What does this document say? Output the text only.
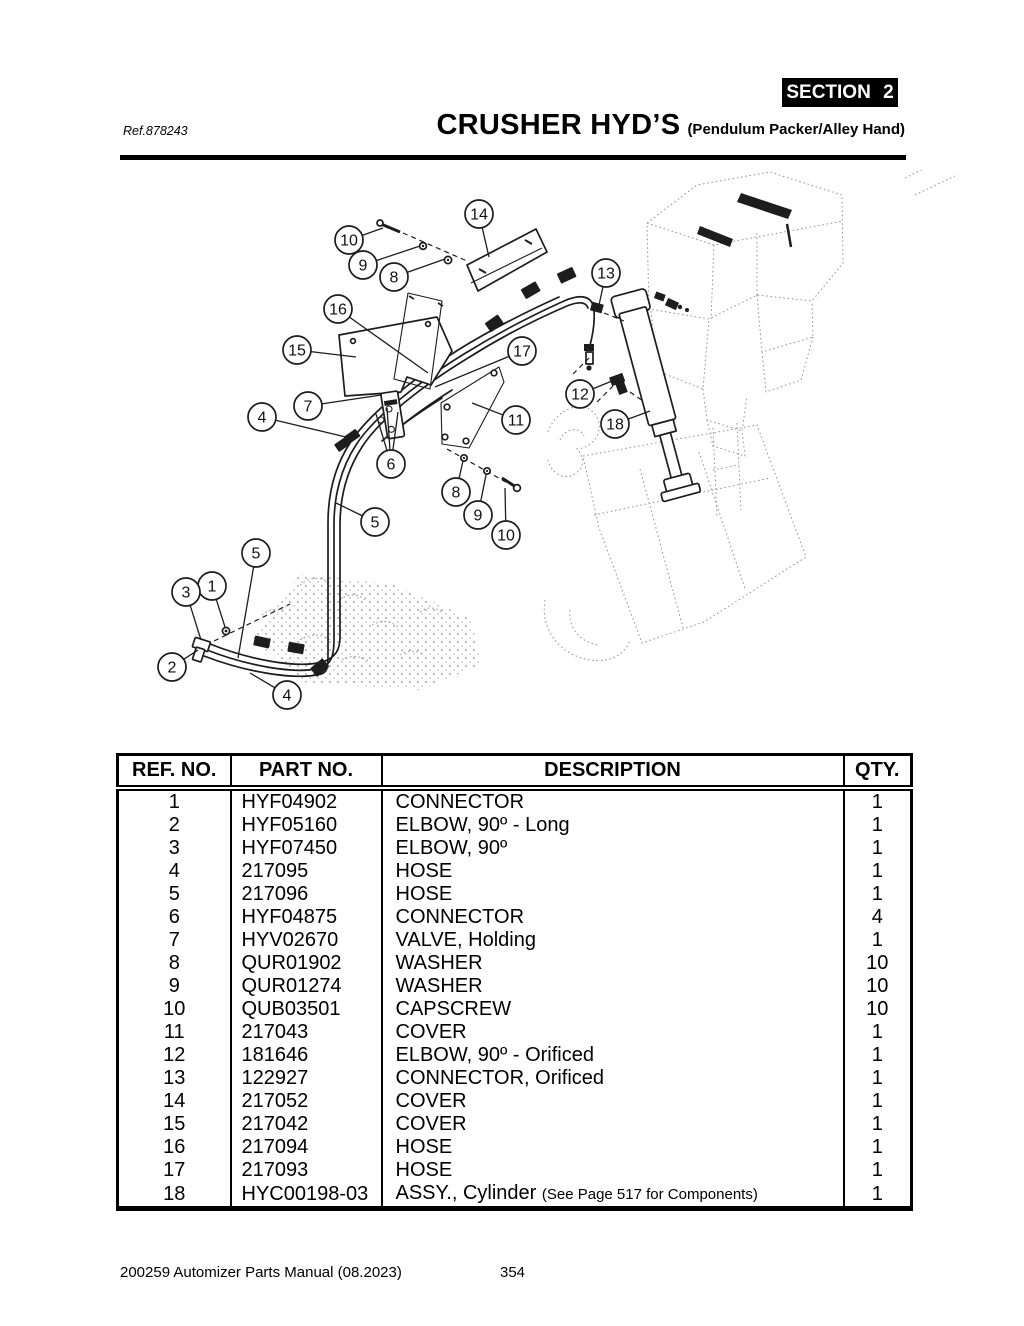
SECTION 2
Ref.878243	CRUSHER HYD’S (Pendulum Packer/Alley Hand)
10
9
8
14
13
16
15	17
7
4	11
12
18
6
8
9
10
5
5
1
3
2
4
REF. NO.	PART NO.	DESCRIPTION	QTY.
1	HYF04902	CONNECTOR	1
2	HYF05160	ELBOW, 90º - Long	1
3	HYF07450	ELBOW, 90º	1
4	217095	HOSE	1
5	217096	HOSE	1
6	HYF04875	CONNECTOR	4
7	HYV02670	VALVE, Holding	1
8	QUR01902	WASHER	10
9	QUR01274	WASHER	10
10	QUB03501	CAPSCREW	10
11	217043	COVER	1
12	181646	ELBOW, 90º - Orificed	1
13	122927	CONNECTOR, Orificed	1
14	217052	COVER	1
15	217042	COVER	1
16	217094	HOSE	1
17	217093	HOSE	1
18	HYC00198-03	ASSY., Cylinder (See Page 517 for Components)	1
200259 Automizer Parts Manual (08.2023)	354
